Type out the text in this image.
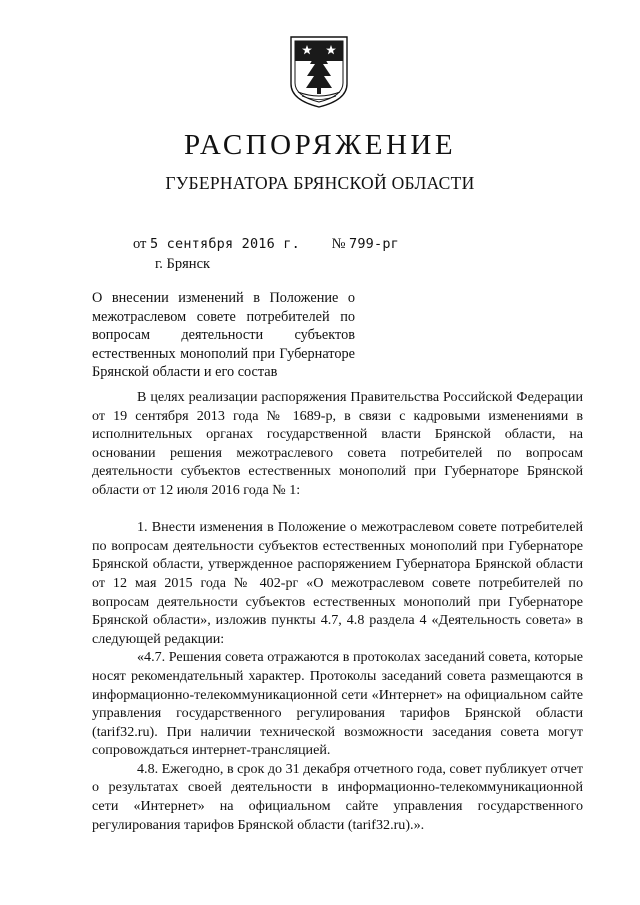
РАСПОРЯЖЕНИЕ
ГУБЕРНАТОРА БРЯНСКОЙ ОБЛАСТИ
от 5 сентября 2016 г. № 799-рг
г. Брянск
О внесении изменений в Положение о межотраслевом совете потребителей по вопросам деятельности субъектов естественных монополий при Губернаторе Брянской области и его состав

В целях реализации распоряжения Правительства Российской Федерации от 19 сентября 2013 года № 1689-р, в связи с кадровыми изменениями в исполнительных органах государственной власти Брянской области, на основании решения межотраслевого совета потребителей по вопросам деятельности субъектов естественных монополий при Губернаторе Брянской области от 12 июля 2016 года № 1:

1. Внести изменения в Положение о межотраслевом совете потребителей по вопросам деятельности субъектов естественных монополий при Губернаторе Брянской области, утвержденное распоряжением Губернатора Брянской области от 12 мая 2015 года № 402-рг «О межотраслевом совете потребителей по вопросам деятельности субъектов естественных монополий при Губернаторе Брянской области», изложив пункты 4.7, 4.8 раздела 4 «Деятельность совета» в следующей редакции:

«4.7. Решения совета отражаются в протоколах заседаний совета, которые носят рекомендательный характер. Протоколы заседаний совета размещаются в информационно-телекоммуникационной сети «Интернет» на официальном сайте управления государственного регулирования тарифов Брянской области (tarif32.ru). При наличии технической возможности заседания совета могут сопровождаться интернет-трансляцией.

4.8. Ежегодно, в срок до 31 декабря отчетного года, совет публикует отчет о результатах своей деятельности в информационно-телекоммуникационной сети «Интернет» на официальном сайте управления государственного регулирования тарифов Брянской области (tarif32.ru).».
